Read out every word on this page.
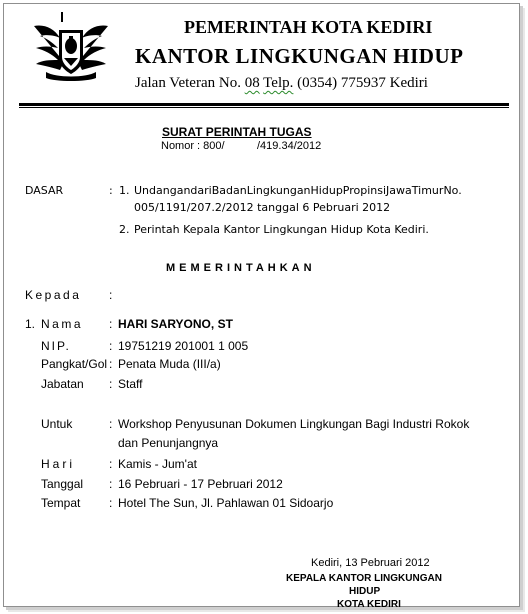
PEMERINTAH KOTA KEDIRI
KANTOR LINGKUNGAN HIDUP
Jalan Veteran No. 08 Telp. (0354) 775937 Kediri
SURAT PERINTAH TUGAS
Nomor : 800/	/419.34/2012
DASAR	: 1. Undangan dari Badan Lingkungan Hidup Propinsi Jawa Timur No.
005/1191/207.2/2012 tanggal 6 Pebruari 2012
2. Perintah Kepala Kantor Lingkungan Hidup Kota Kediri.
MEMERINTAHKAN
Kepada :
1. Nama : HARI SARYONO, ST
NIP.	: 19751219 201001 1 005
Pangkat/Gol : Penata Muda (III/a)
Jabatan : Staff
Untuk	: Workshop Penyusunan Dokumen Lingkungan Bagi Industri Rokok
dan Penunjangnya
Hari	: Kamis - Jum'at
Tanggal : 16 Pebruari - 17 Pebruari 2012
Tempat : Hotel The Sun, Jl. Pahlawan 01 Sidoarjo
Kediri, 13 Pebruari 2012
KEPALA KANTOR LINGKUNGAN
HIDUP
KOTA KEDIRI
